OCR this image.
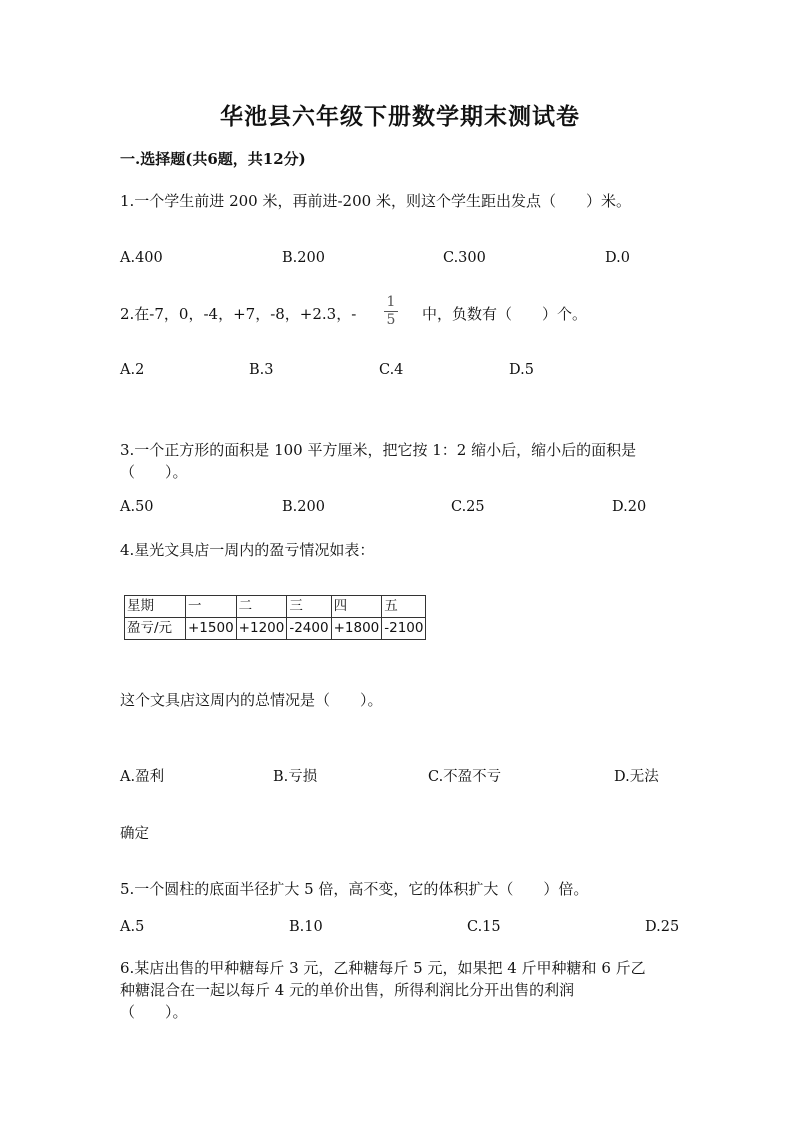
华池县六年级下册数学期末测试卷
一.选择题(共6题，共12分)
1.一个学生前进 200 米，再前进-200 米，则这个学生距出发点（　　）米。
A.400	B.200	C.300	D.0
2.在-7，0，-4，+7，-8，+2.3，- $\frac{1}{5}$ 中，负数有（　　）个。
A.2	B.3	C.4	D.5
3.一个正方形的面积是 100 平方厘米，把它按 1：2 缩小后，缩小后的面积是
（　　）。
A.50	B.200	C.25	D.20
4.星光文具店一周内的盈亏情况如表：
星期	一	二	三	四	五
盈亏/元	+1500	+1200	-2400	+1800	-2100
这个文具店这周内的总情况是（　　）。
A.盈利	B.亏损	C.不盈不亏	D.无法
确定
5.一个圆柱的底面半径扩大 5 倍，高不变，它的体积扩大（　　）倍。
A.5	B.10	C.15	D.25
6.某店出售的甲种糖每斤 3 元，乙种糖每斤 5 元，如果把 4 斤甲种糖和 6 斤乙
种糖混合在一起以每斤 4 元的单价出售，所得利润比分开出售的利润
（　　）。
